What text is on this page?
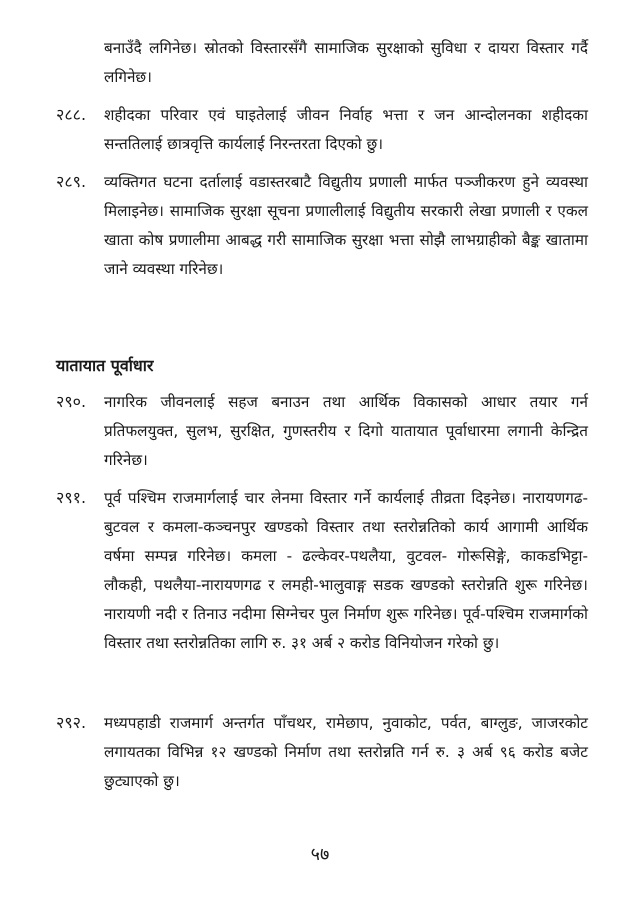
बनाउँदै लगिनेछ। स्रोतको विस्तारसँगै सामाजिक सुरक्षाको सुविधा र दायरा विस्तार गर्दै लगिनेछ।
२८८.	शहीदका परिवार एवं घाइतेलाई जीवन निर्वाह भत्ता र जन आन्दोलनका शहीदका सन्ततिलाई छात्रवृत्ति कार्यलाई निरन्तरता दिएको छु।
२८९.	व्यक्तिगत घटना दर्तालाई वडास्तरबाटै विद्युतीय प्रणाली मार्फत पञ्जीकरण हुने व्यवस्था मिलाइनेछ। सामाजिक सुरक्षा सूचना प्रणालीलाई विद्युतीय सरकारी लेखा प्रणाली र एकल खाता कोष प्रणालीमा आबद्ध गरी सामाजिक सुरक्षा भत्ता सोझै लाभग्राहीको बैङ्क खातामा जाने व्यवस्था गरिनेछ।
यातायात पूर्वाधार
२९०.	नागरिक जीवनलाई सहज बनाउन तथा आर्थिक विकासको आधार तयार गर्न प्रतिफलयुक्त, सुलभ, सुरक्षित, गुणस्तरीय र दिगो यातायात पूर्वाधारमा लगानी केन्द्रित गरिनेछ।
२९१.	पूर्व पश्चिम राजमार्गलाई चार लेनमा विस्तार गर्ने कार्यलाई तीव्रता दिइनेछ। नारायणगढ-बुटवल र कमला-कञ्चनपुर खण्डको विस्तार तथा स्तरोन्नतिको कार्य आगामी आर्थिक वर्षमा सम्पन्न गरिनेछ। कमला - ढल्केवर-पथलैया, वुटवल- गोरूसिङ्गे, काकडभिट्टा- लौकही, पथलैया-नारायणगढ र लमही-भालुवाङ्ग सडक खण्डको स्तरोन्नति शुरू गरिनेछ। नारायणी नदी र तिनाउ नदीमा सिग्नेचर पुल निर्माण शुरू गरिनेछ। पूर्व-पश्चिम राजमार्गको विस्तार तथा स्तरोन्नतिका लागि रु. ३१ अर्ब २ करोड विनियोजन गरेको छु।
२९२.	मध्यपहाडी राजमार्ग अन्तर्गत पाँचथर, रामेछाप, नुवाकोट, पर्वत, बाग्लुङ, जाजरकोट लगायतका विभिन्न १२ खण्डको निर्माण तथा स्तरोन्नति गर्न रु. ३ अर्ब ९६ करोड बजेट छुट्याएको छु।
५७
